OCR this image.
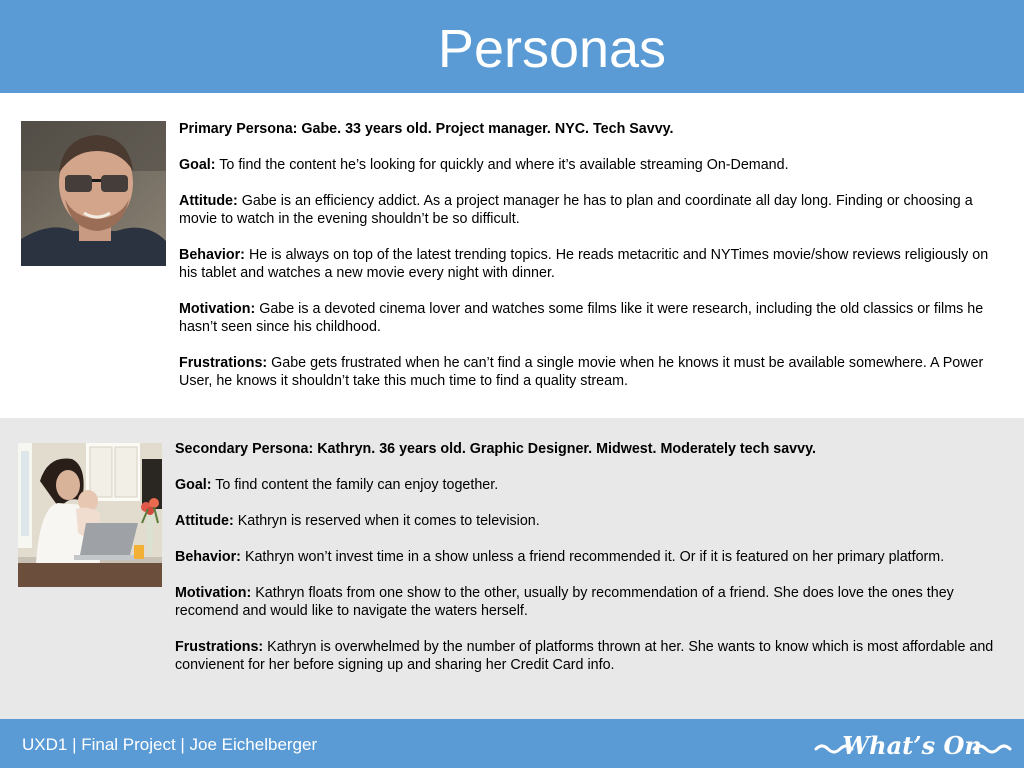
Personas
Primary Persona: Gabe. 33 years old. Project manager. NYC. Tech Savvy.
Goal: To find the content he’s looking for quickly and where it’s available streaming On-Demand.
Attitude: Gabe is an efficiency addict. As a project manager he has to plan and coordinate all day long. Finding or choosing a movie to watch in the evening shouldn’t be so difficult.
Behavior: He is always on top of the latest trending topics. He reads metacritic and NYTimes movie/show reviews religiously on his tablet and watches a new movie every night with dinner.
Motivation: Gabe is a devoted cinema lover and watches some films like it were research, including the old classics or films he hasn’t seen since his childhood.
Frustrations: Gabe gets frustrated when he can’t find a single movie when he knows it must be available somewhere. A Power User, he knows it shouldn’t take this much time to find a quality stream.
Secondary Persona: Kathryn. 36 years old. Graphic Designer. Midwest. Moderately tech savvy.
Goal: To find content the family can enjoy together.
Attitude: Kathryn is reserved when it comes to television.
Behavior: Kathryn won’t invest time in a show unless a friend recommended it. Or if it is featured on her primary platform.
Motivation: Kathryn floats from one show to the other, usually by recommendation of a friend. She does love the ones they recomend and would like to navigate the waters herself.
Frustrations: Kathryn is overwhelmed by the number of platforms thrown at her. She wants to know which is most affordable and convienent for her before signing up and sharing her Credit Card info.
UXD1 | Final Project | Joe Eichelberger	What’s On
